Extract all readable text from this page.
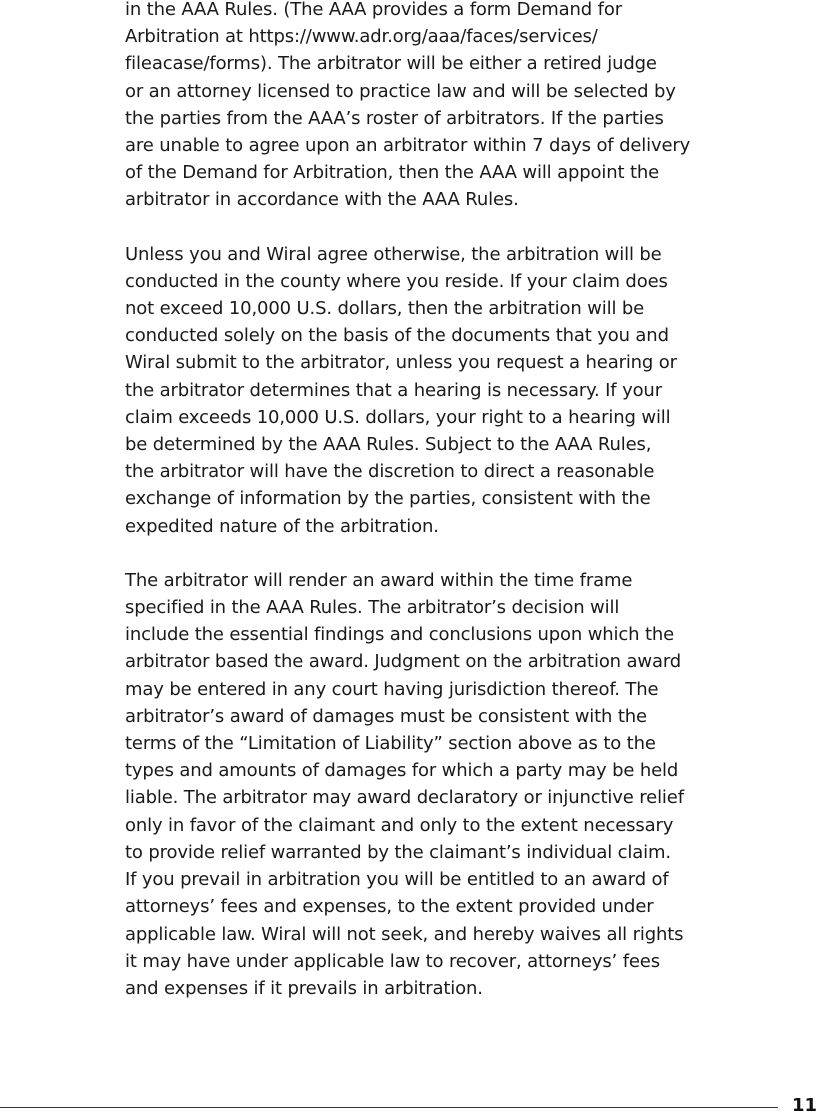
in the AAA Rules. (The AAA provides a form Demand for
Arbitration at https://www.adr.org/aaa/faces/services/
fileacase/forms). The arbitrator will be either a retired judge
or an attorney licensed to practice law and will be selected by
the parties from the AAA’s roster of arbitrators. If the parties
are unable to agree upon an arbitrator within 7 days of delivery
of the Demand for Arbitration, then the AAA will appoint the
arbitrator in accordance with the AAA Rules.
Unless you and Wiral agree otherwise, the arbitration will be
conducted in the county where you reside. If your claim does
not exceed 10,000 U.S. dollars, then the arbitration will be
conducted solely on the basis of the documents that you and
Wiral submit to the arbitrator, unless you request a hearing or
the arbitrator determines that a hearing is necessary. If your
claim exceeds 10,000 U.S. dollars, your right to a hearing will
be determined by the AAA Rules. Subject to the AAA Rules,
the arbitrator will have the discretion to direct a reasonable
exchange of information by the parties, consistent with the
expedited nature of the arbitration.
The arbitrator will render an award within the time frame
specified in the AAA Rules. The arbitrator’s decision will
include the essential findings and conclusions upon which the
arbitrator based the award. Judgment on the arbitration award
may be entered in any court having jurisdiction thereof. The
arbitrator’s award of damages must be consistent with the
terms of the “Limitation of Liability” section above as to the
types and amounts of damages for which a party may be held
liable. The arbitrator may award declaratory or injunctive relief
only in favor of the claimant and only to the extent necessary
to provide relief warranted by the claimant’s individual claim.
If you prevail in arbitration you will be entitled to an award of
attorneys’ fees and expenses, to the extent provided under
applicable law. Wiral will not seek, and hereby waives all rights
it may have under applicable law to recover, attorneys’ fees
and expenses if it prevails in arbitration.
11
